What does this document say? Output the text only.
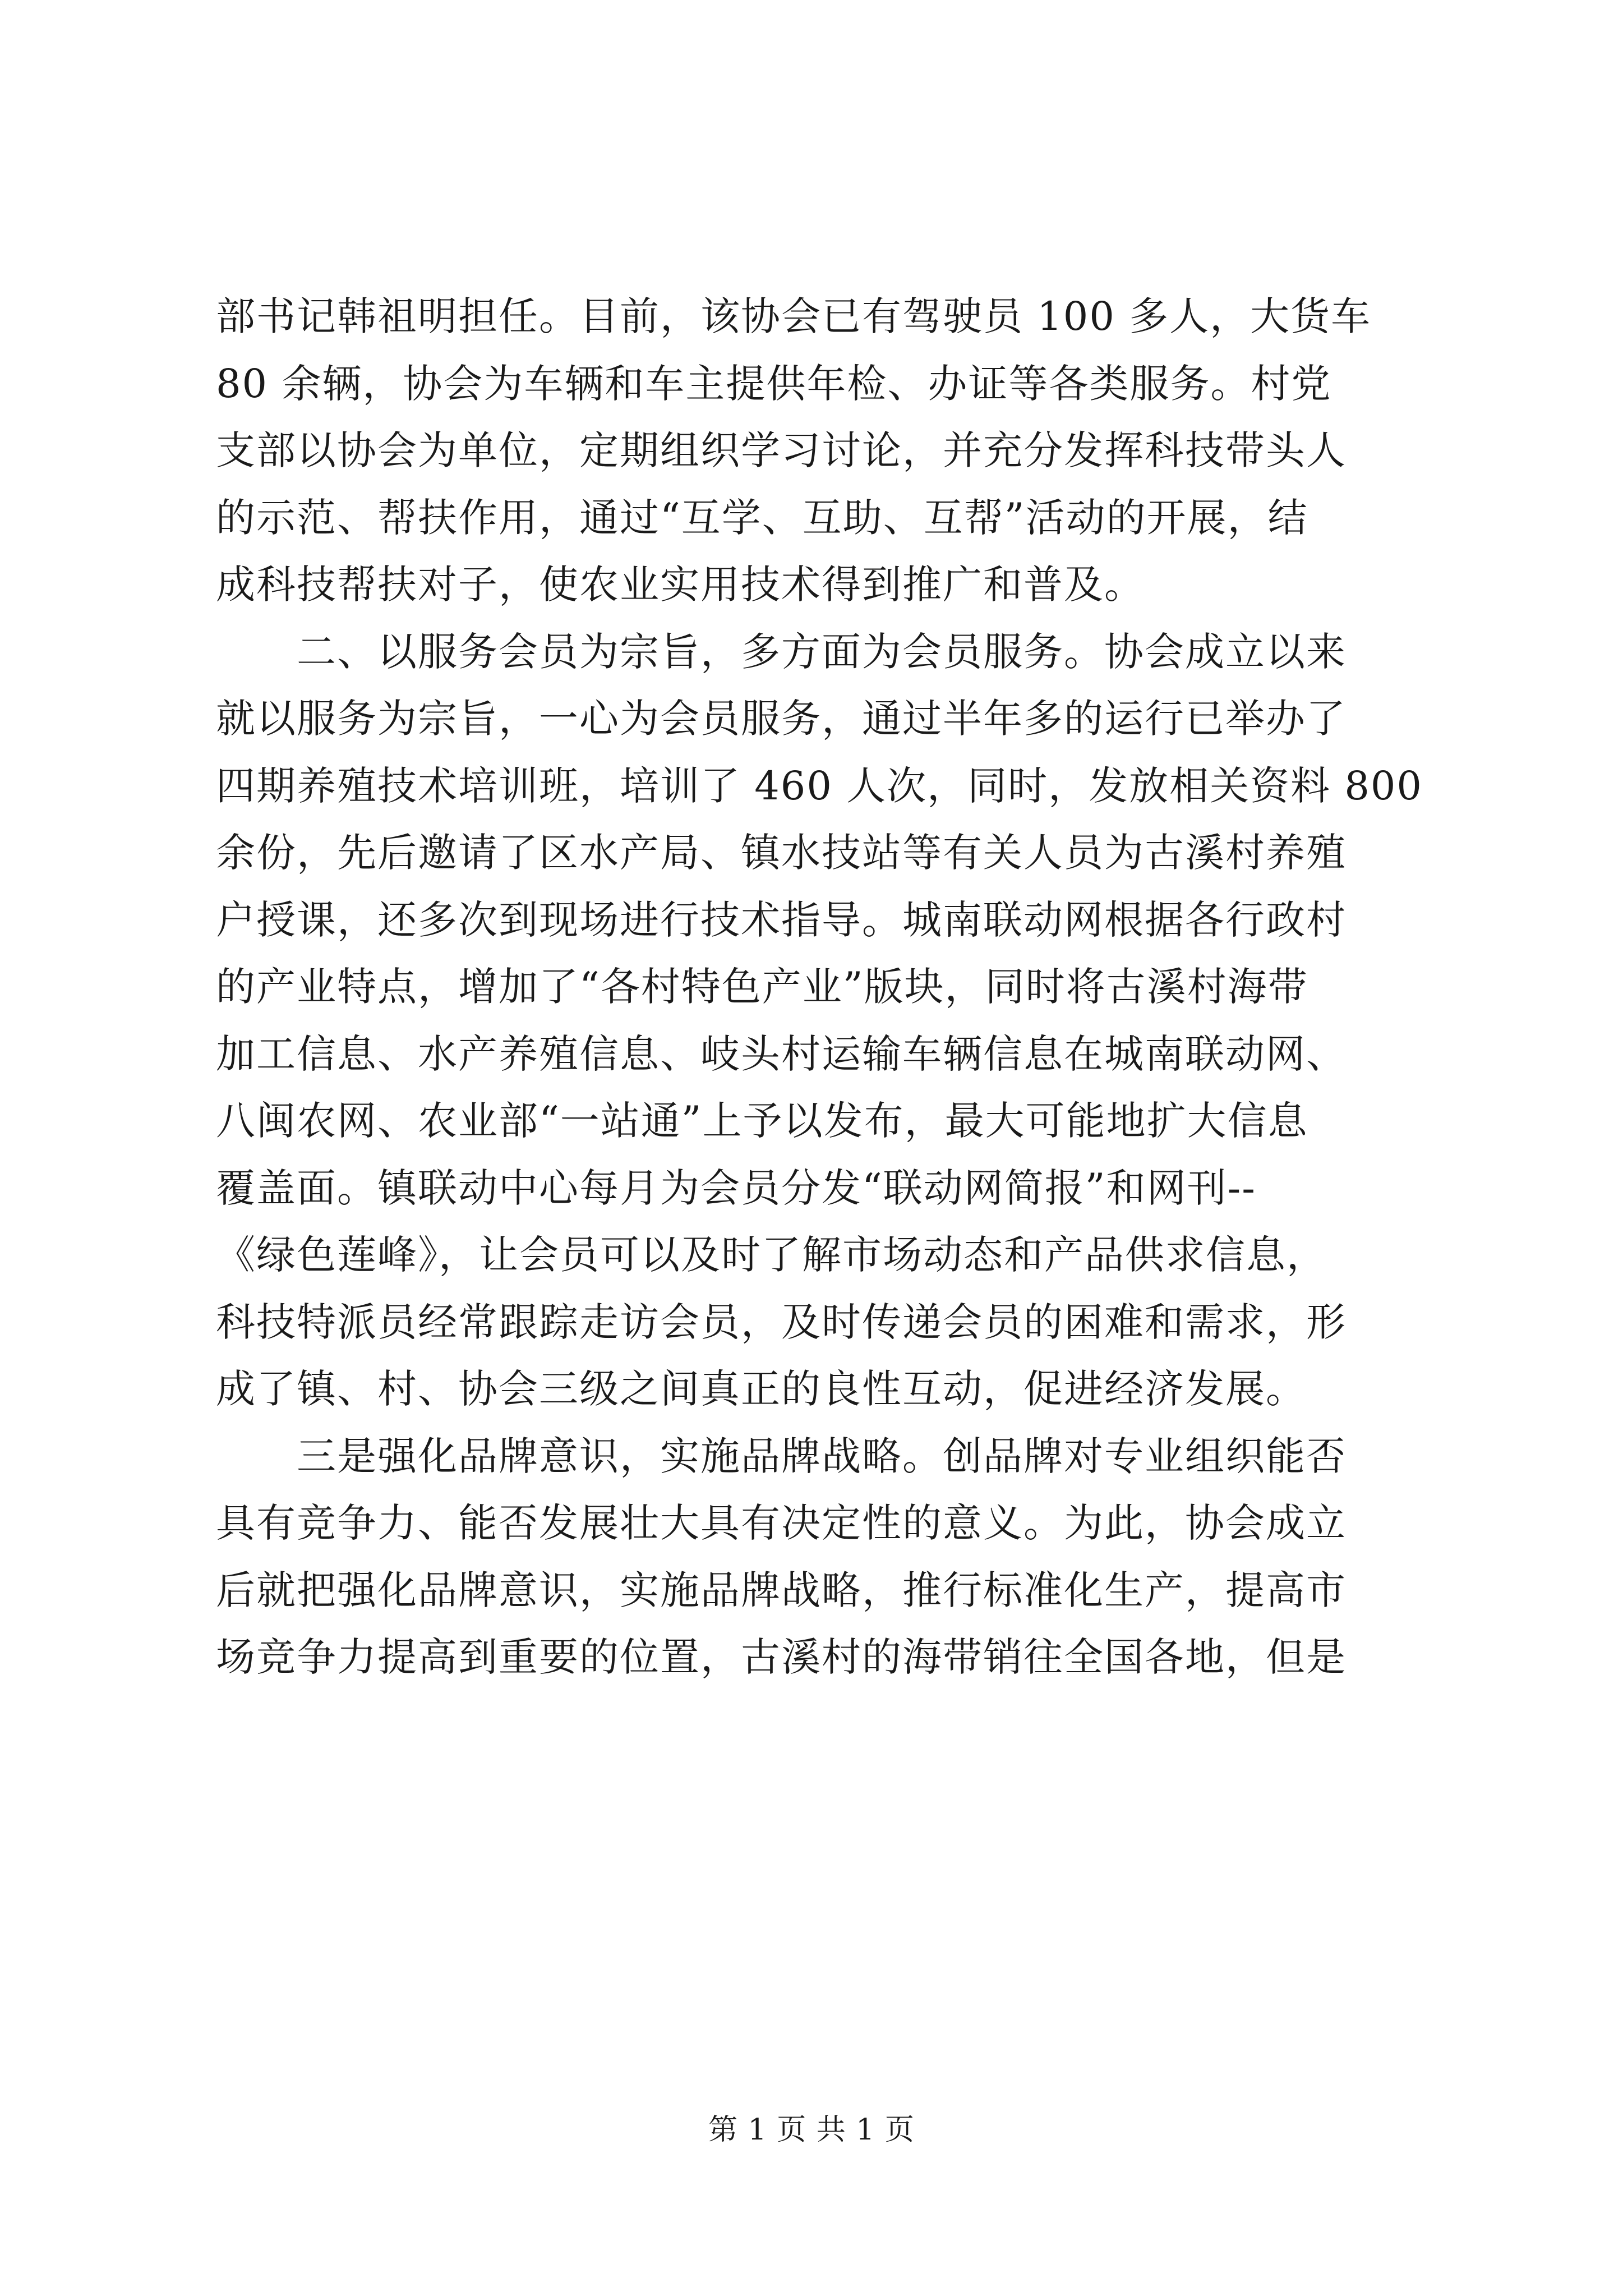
部书记韩祖明担任。目前，该协会已有驾驶员 100 多人，大货车
80 余辆，协会为车辆和车主提供年检、办证等各类服务。村党
支部以协会为单位，定期组织学习讨论，并充分发挥科技带头人
的示范、帮扶作用，通过“互学、互助、互帮”活动的开展，结
成科技帮扶对子，使农业实用技术得到推广和普及。
　　二、以服务会员为宗旨，多方面为会员服务。协会成立以来
就以服务为宗旨，一心为会员服务，通过半年多的运行已举办了
四期养殖技术培训班，培训了 460 人次，同时，发放相关资料 800
余份，先后邀请了区水产局、镇水技站等有关人员为古溪村养殖
户授课，还多次到现场进行技术指导。城南联动网根据各行政村
的产业特点，增加了“各村特色产业”版块，同时将古溪村海带
加工信息、水产养殖信息、岐头村运输车辆信息在城南联动网、
八闽农网、农业部“一站通”上予以发布，最大可能地扩大信息
覆盖面。镇联动中心每月为会员分发“联动网简报”和网刊--
《绿色莲峰》，让会员可以及时了解市场动态和产品供求信息，
科技特派员经常跟踪走访会员，及时传递会员的困难和需求，形
成了镇、村、协会三级之间真正的良性互动，促进经济发展。
　　三是强化品牌意识，实施品牌战略。创品牌对专业组织能否
具有竞争力、能否发展壮大具有决定性的意义。为此，协会成立
后就把强化品牌意识，实施品牌战略，推行标准化生产，提高市
场竞争力提高到重要的位置，古溪村的海带销往全国各地，但是
第 1 页 共 1 页
